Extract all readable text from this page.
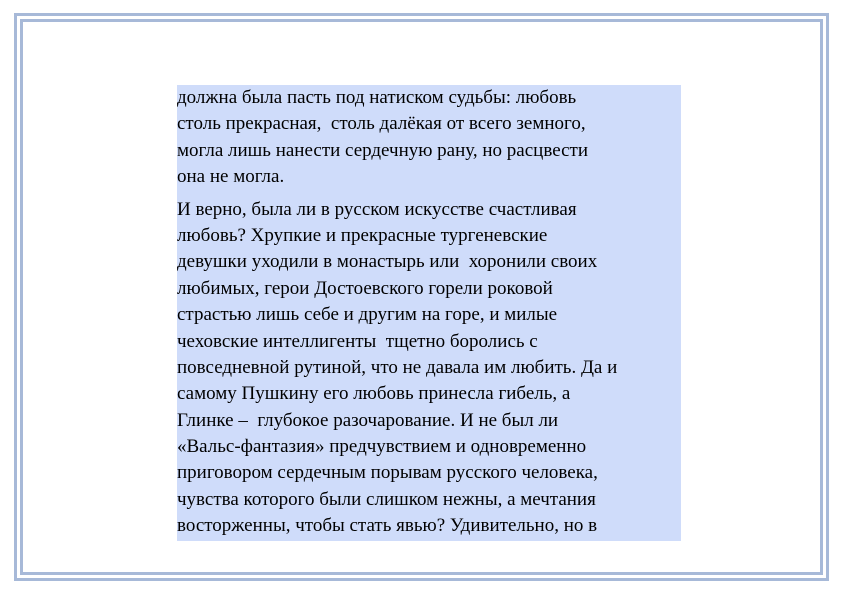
должна была пасть под натиском судьбы: любовь
столь прекрасная,  столь далёкая от всего земного,
могла лишь нанести сердечную рану, но расцвести
она не могла.
И верно, была ли в русском искусстве счастливая
любовь? Хрупкие и прекрасные тургеневские
девушки уходили в монастырь или  хоронили своих
любимых, герои Достоевского горели роковой
страстью лишь себе и другим на горе, и милые
чеховские интеллигенты  тщетно боролись с
повседневной рутиной, что не давала им любить. Да и
самому Пушкину его любовь принесла гибель, а
Глинке –  глубокое разочарование. И не был ли
«Вальс-фантазия» предчувствием и одновременно
приговором сердечным порывам русского человека,
чувства которого были слишком нежны, а мечтания
восторженны, чтобы стать явью? Удивительно, но в
